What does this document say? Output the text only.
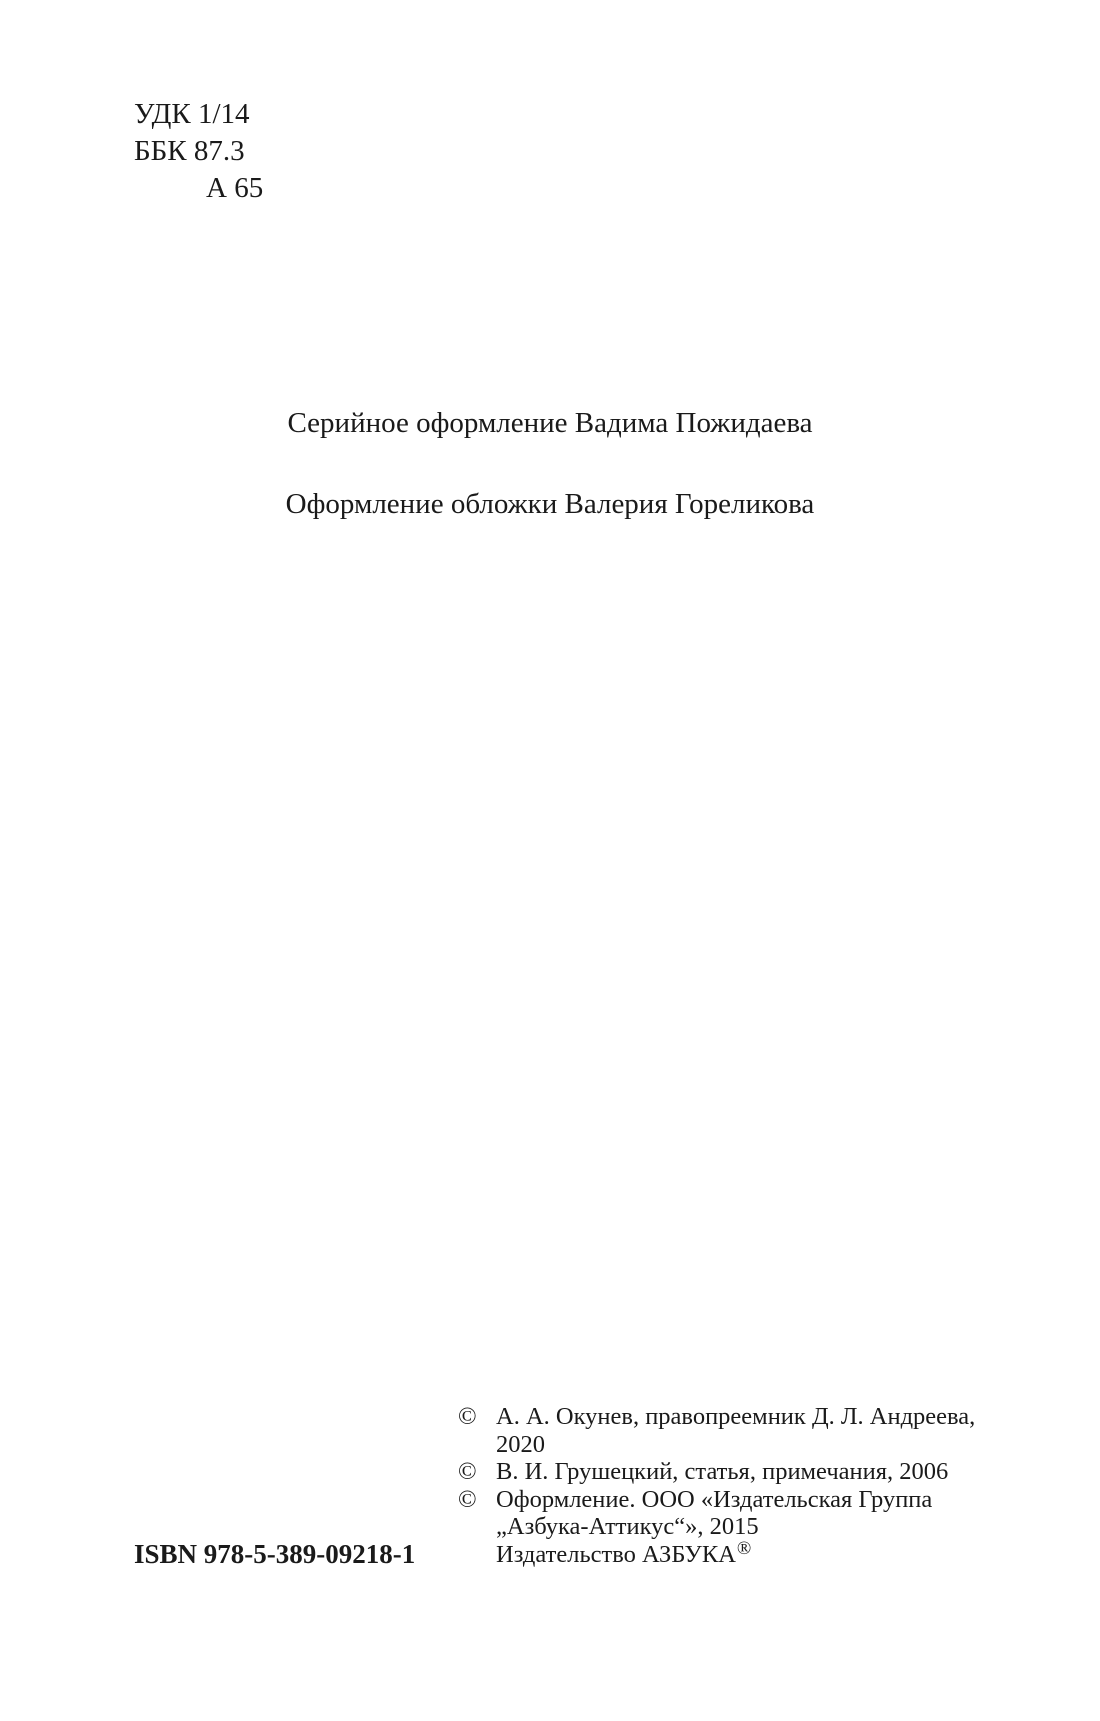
УДК 1/14
ББК 87.3
А 65
Серийное оформление Вадима Пожидаева
Оформление обложки Валерия Гореликова
© А. А. Окунев, правопреемник Д. Л. Андреева,
2020
© В. И. Грушецкий, статья, примечания, 2006
© Оформление. ООО «Издательская Группа
„Азбука-Аттикус“», 2015
Издательство АЗБУКА®
ISBN 978-5-389-09218-1
